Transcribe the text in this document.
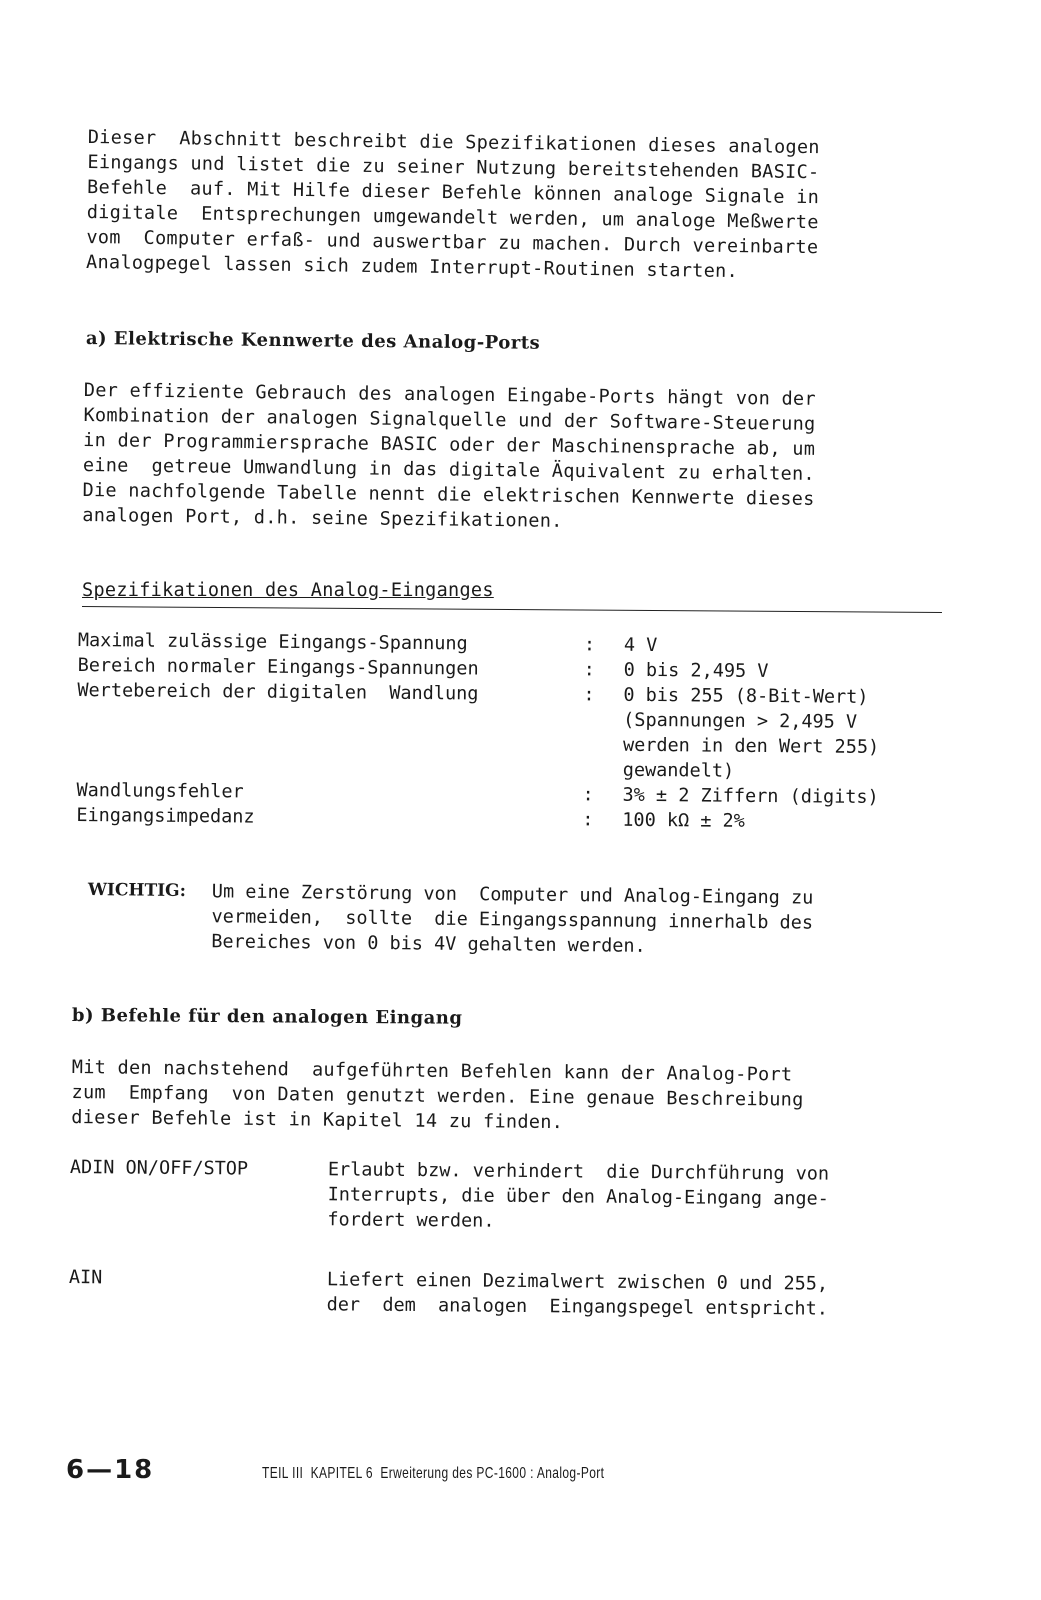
Dieser  Abschnitt beschreibt die Spezifikationen dieses analogen
Eingangs und listet die zu seiner Nutzung bereitstehenden BASIC-
Befehle  auf. Mit Hilfe dieser Befehle können analoge Signale in
digitale  Entsprechungen umgewandelt werden, um analoge Meßwerte
vom  Computer erfaß- und auswertbar zu machen. Durch vereinbarte
Analogpegel lassen sich zudem Interrupt-Routinen starten.
a) Elektrische Kennwerte des Analog-Ports
Der effiziente Gebrauch des analogen Eingabe-Ports hängt von der
Kombination der analogen Signalquelle und der Software-Steuerung
in der Programmiersprache BASIC oder der Maschinensprache ab, um
eine  getreue Umwandlung in das digitale Äquivalent zu erhalten.
Die nachfolgende Tabelle nennt die elektrischen Kennwerte dieses
analogen Port, d.h. seine Spezifikationen.
Spezifikationen des Analog-Einganges
Maximal zulässige Eingangs-Spannung	:	4 V
Bereich normaler Eingangs-Spannungen	:	0 bis 2,495 V
Wertebereich der digitalen  Wandlung	:	0 bis 255 (8-Bit-Wert)
(Spannungen > 2,495 V
werden in den Wert 255)
gewandelt)
Wandlungsfehler	:	3% ± 2 Ziffern (digits)
Eingangsimpedanz	:	100 kΩ ± 2%
WICHTIG:	Um eine Zerstörung von  Computer und Analog-Eingang zu
vermeiden,  sollte  die Eingangsspannung innerhalb des
Bereiches von 0 bis 4V gehalten werden.
b) Befehle für den analogen Eingang
Mit den nachstehend  aufgeführten Befehlen kann der Analog-Port
zum  Empfang  von Daten genutzt werden. Eine genaue Beschreibung
dieser Befehle ist in Kapitel 14 zu finden.
ADIN ON/OFF/STOP	Erlaubt bzw. verhindert  die Durchführung von
Interrupts, die über den Analog-Eingang ange-
fordert werden.
AIN	Liefert einen Dezimalwert zwischen 0 und 255,
der  dem  analogen  Eingangspegel entspricht.
6—18	TEIL III  KAPITEL 6  Erweiterung des PC-1600 : Analog-Port
